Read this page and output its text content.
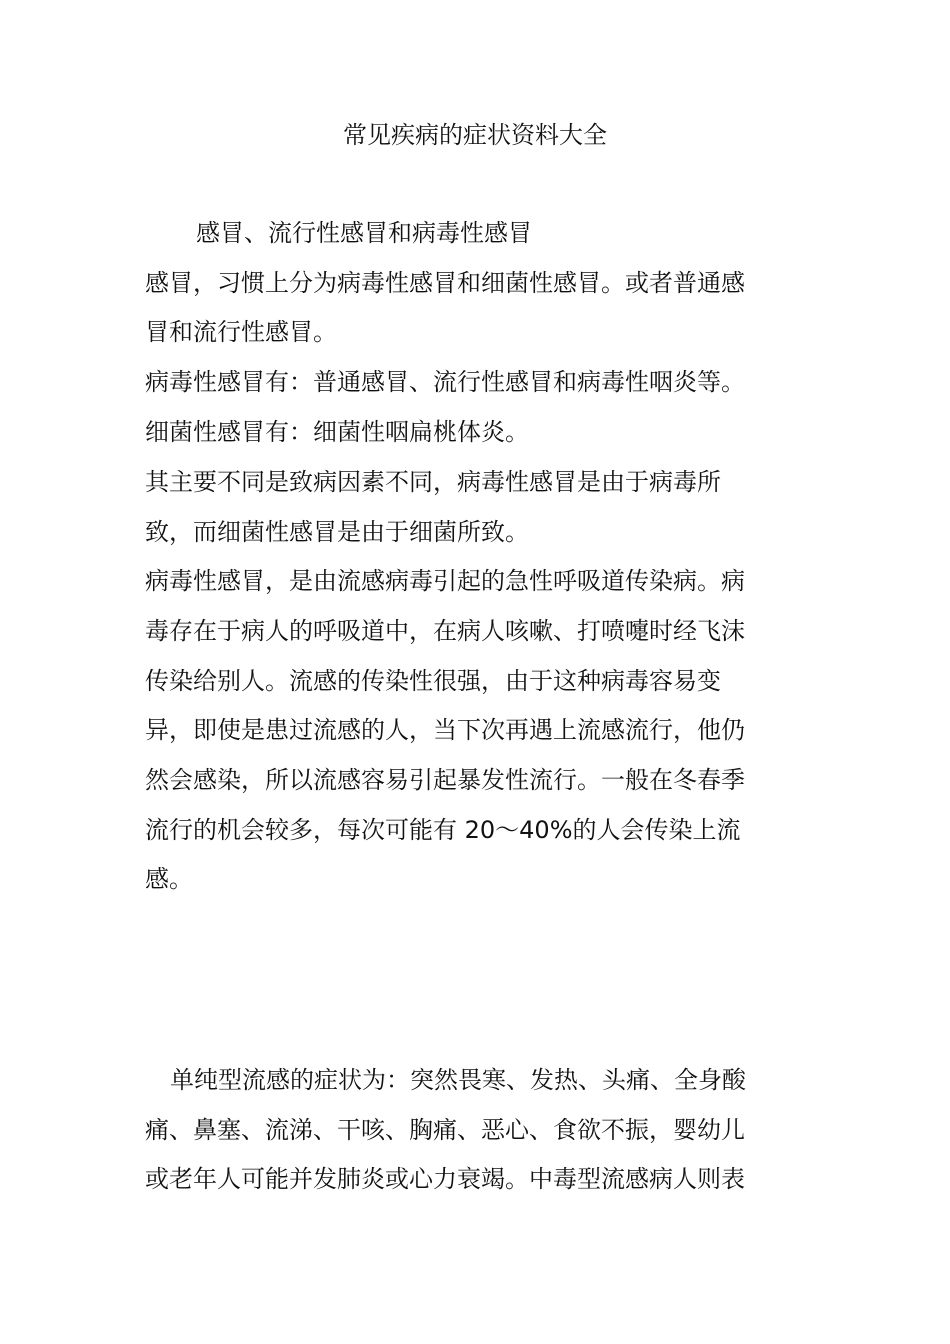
常见疾病的症状资料大全
感冒、流行性感冒和病毒性感冒
感冒，习惯上分为病毒性感冒和细菌性感冒。或者普通感
冒和流行性感冒。
病毒性感冒有：普通感冒、流行性感冒和病毒性咽炎等。
细菌性感冒有：细菌性咽扁桃体炎。
其主要不同是致病因素不同，病毒性感冒是由于病毒所
致，而细菌性感冒是由于细菌所致。
病毒性感冒，是由流感病毒引起的急性呼吸道传染病。病
毒存在于病人的呼吸道中，在病人咳嗽、打喷嚏时经飞沫
传染给别人。流感的传染性很强，由于这种病毒容易变
异，即使是患过流感的人，当下次再遇上流感流行，他仍
然会感染，所以流感容易引起暴发性流行。一般在冬春季
流行的机会较多，每次可能有 20～40%的人会传染上流
感。
单纯型流感的症状为：突然畏寒、发热、头痛、全身酸
痛、鼻塞、流涕、干咳、胸痛、恶心、食欲不振，婴幼儿
或老年人可能并发肺炎或心力衰竭。中毒型流感病人则表
